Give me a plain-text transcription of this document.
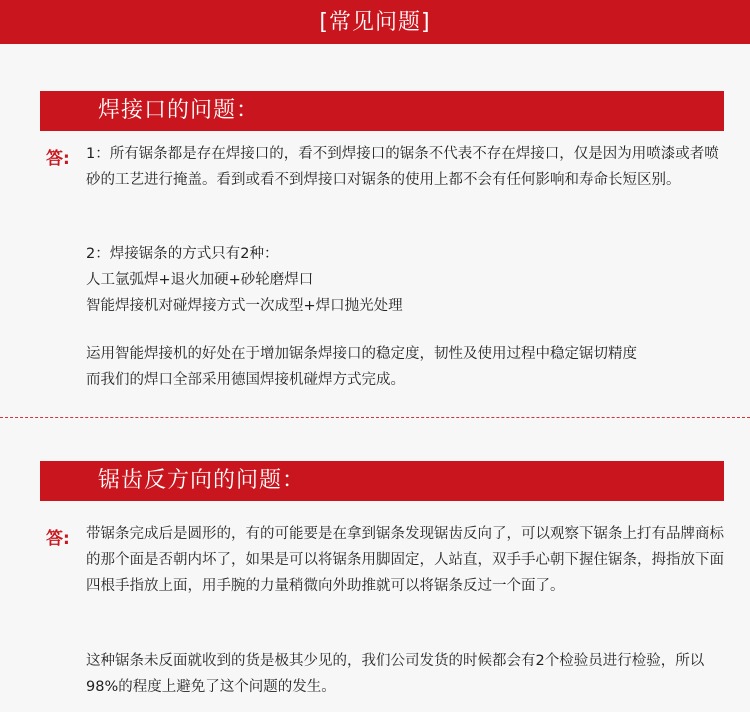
[常见问题]
焊接口的问题：
答: 1：所有锯条都是存在焊接口的，看不到焊接口的锯条不代表不存在焊接口，仅是因为用喷漆或者喷砂的工艺进行掩盖。看到或看不到焊接口对锯条的使用上都不会有任何影响和寿命长短区别。

2：焊接锯条的方式只有2种：

人工氩弧焊+退火加硬+砂轮磨焊口

智能焊接机对碰焊接方式一次成型+焊口抛光处理

运用智能焊接机的好处在于增加锯条焊接口的稳定度，韧性及使用过程中稳定锯切精度

而我们的焊口全部采用德国焊接机碰焊方式完成。

锯齿反方向的问题：
答: 带锯条完成后是圆形的，有的可能要是在拿到锯条发现锯齿反向了，可以观察下锯条上打有品牌商标的那个面是否朝内坏了，如果是可以将锯条用脚固定，人站直，双手手心朝下握住锯条，拇指放下面四根手指放上面，用手腕的力量稍微向外助推就可以将锯条反过一个面了。

这种锯条未反面就收到的货是极其少见的，我们公司发货的时候都会有2个检验员进行检验，所以98%的程度上避免了这个问题的发生。
